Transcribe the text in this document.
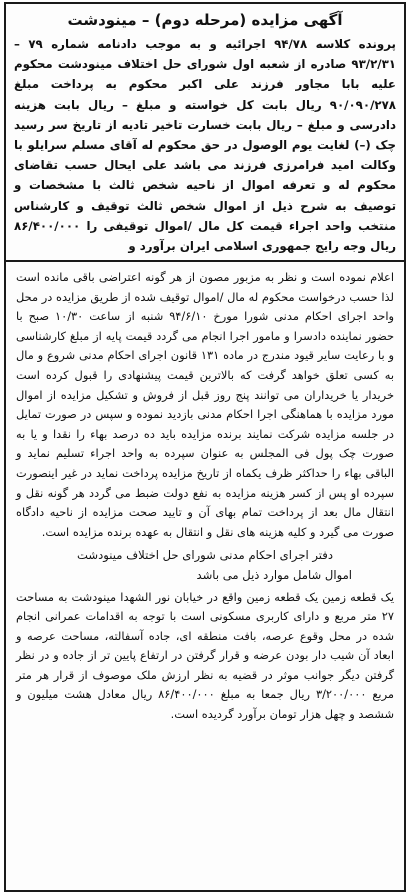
آگهی مزایده (مرحله دوم) – مینودشت

پرونده کلاسه ۹۴/۷۸ اجرائیه و به موجب دادنامه شماره ۷۹ – ۹۳/۲/۳۱ صادره از شعبه اول شورای حل اختلاف مینودشت محکوم علیه بابا مجاور فرزند علی اکبر محکوم به پرداخت مبلغ ۹۰/۰۹۰/۲۷۸ ریال بابت کل خواسته و مبلغ – ریال بابت هزینه دادرسی و مبلغ – ریال بابت خسارت تاخیر تادیه از تاریخ سر رسید چک (–) لغایت یوم الوصول در حق محکوم له آقای مسلم سرایلو با وکالت امید فرامرزی فرزند می باشد علی ایحال حسب تقاضای محکوم له و تعرفه اموال از ناحیه شخص ثالث با مشخصات و توصیف به شرح ذیل از اموال شخص ثالث توقیف و کارشناس منتخب واحد اجراء قیمت کل مال /اموال توقیفی را ۸۶/۴۰۰/۰۰۰ ریال وجه رایج جمهوری اسلامی ایران برآورد و

اعلام نموده است و نظر به مزبور مصون از هر گونه اعتراضی باقی مانده است لذا حسب درخواست محکوم له مال /اموال توقیف شده از طریق مزایده در محل واحد اجرای احکام مدنی شورا مورخ ۹۴/۶/۱۰ شنبه از ساعت ۱۰/۳۰ صبح با حضور نماینده دادسرا و مامور اجرا انجام می گردد قیمت پایه از مبلغ کارشناسی و با رعایت سایر قیود مندرج در ماده ۱۳۱ قانون اجرای احکام مدنی شروع و مال به کسی تعلق خواهد گرفت که بالاترین قیمت پیشنهادی را قبول کرده است خریدار یا خریداران می توانند پنج روز قبل از فروش و تشکیل مزایده از اموال مورد مزایده با هماهنگی اجرا احکام مدنی بازدید نموده و سپس در صورت تمایل در جلسه مزایده شرکت نمایند برنده مزایده باید ده درصد بهاء را نقدا و یا به صورت چک پول فی المجلس به عنوان سپرده به واحد اجراء تسلیم نماید و الباقی بهاء را حداکثر ظرف یکماه از تاریخ مزایده پرداخت نماید در غیر اینصورت سپرده او پس از کسر هزینه مزایده به نفع دولت ضبط می گردد هر گونه نقل و انتقال مال بعد از پرداخت تمام بهای آن و تایید صحت مزایده از ناحیه دادگاه صورت می گیرد و کلیه هزینه های نقل و انتقال به عهده برنده مزایده است.

دفتر اجرای احکام مدنی شورای حل اختلاف مینودشت

اموال شامل موارد ذیل می باشد

یک قطعه زمین یک قطعه زمین واقع در خیابان نور الشهدا مینودشت به مساحت ۲۷ متر مربع و دارای کاربری مسکونی است با توجه به اقدامات عمرانی انجام شده در محل وقوع عرصه، بافت منطقه ای، جاده آسفالته، مساحت عرصه و ابعاد آن شیب دار بودن عرضه و قرار گرفتن در ارتفاع پایین تر از جاده و در نظر گرفتن دیگر جوانب موثر در قضیه به نظر ارزش ملک موصوف از قرار هر متر مربع ۳/۲۰۰/۰۰۰ ریال جمعا به مبلغ ۸۶/۴۰۰/۰۰۰ ریال معادل هشت میلیون و ششصد و چهل هزار تومان برآورد گردیده است.
